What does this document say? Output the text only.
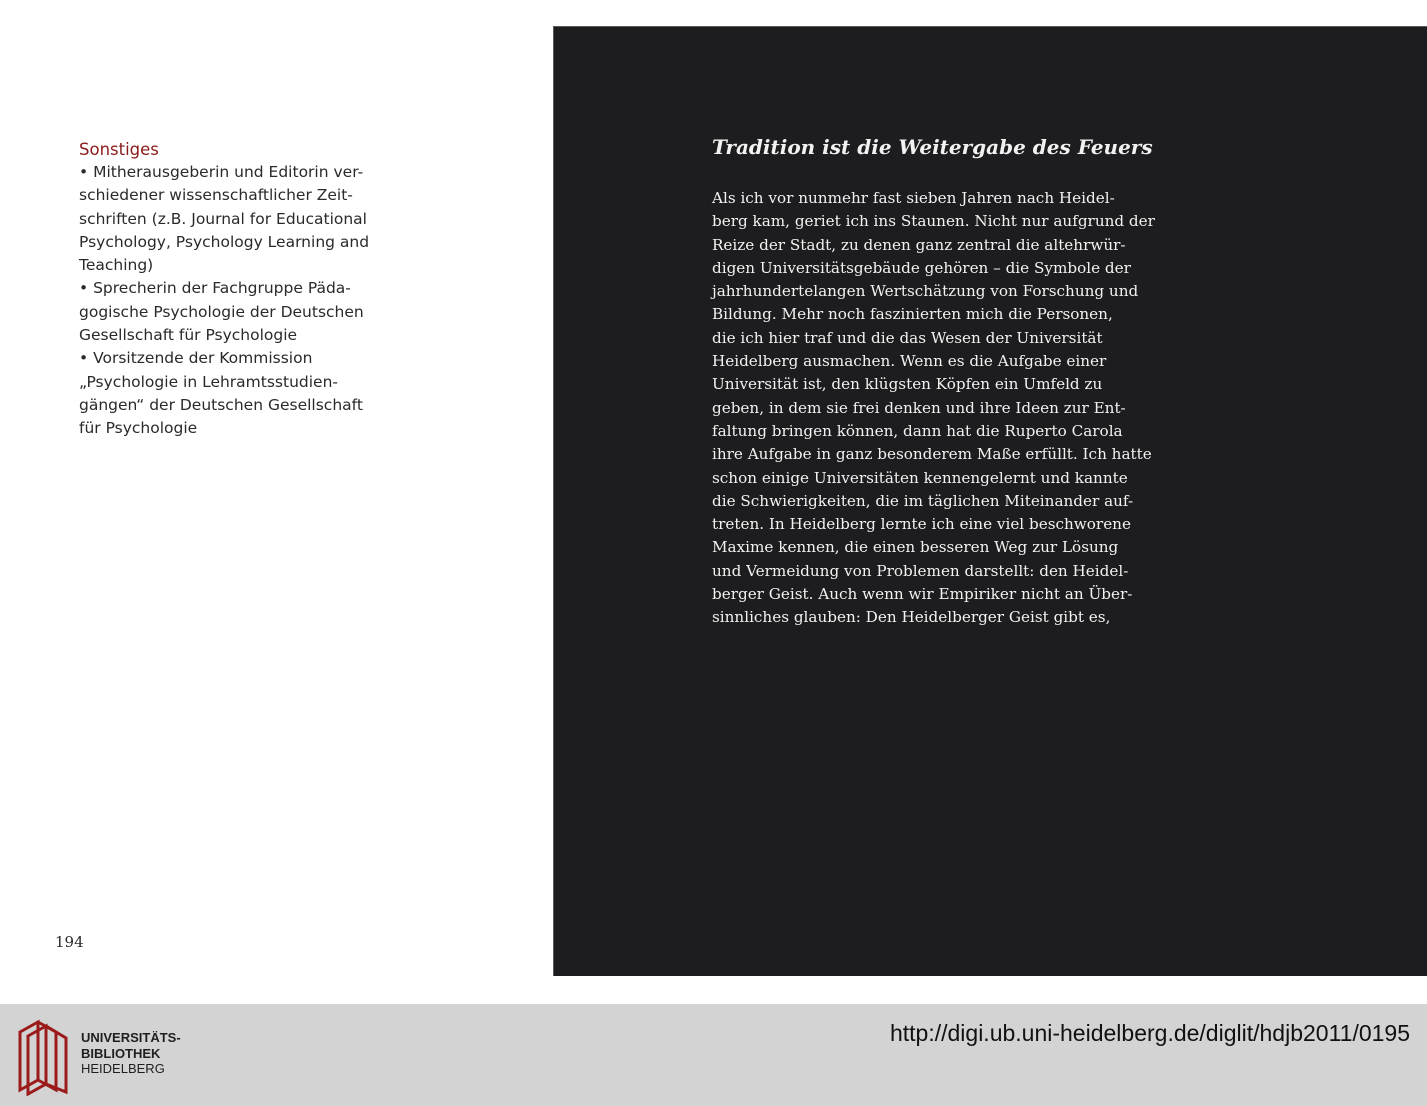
Sonstiges

• Mitherausgeberin und Editorin ver-

schiedener wissenschaftlicher Zeit-

schriften (z.B. Journal for Educational

Psychology, Psychology Learning and

Teaching)

• Sprecherin der Fachgruppe Päda-

gogische Psychologie der Deutschen

Gesellschaft für Psychologie

• Vorsitzende der Kommission

„Psychologie in Lehramtsstudien-

gängen“ der Deutschen Gesellschaft

für Psychologie

194
Tradition ist die Weitergabe des Feuers

Als ich vor nunmehr fast sieben Jahren nach Heidel-

berg kam, geriet ich ins Staunen. Nicht nur aufgrund der

Reize der Stadt, zu denen ganz zentral die altehrwür-

digen Universitätsgebäude gehören – die Symbole der

jahrhundertelangen Wertschätzung von Forschung und

Bildung. Mehr noch faszinierten mich die Personen,

die ich hier traf und die das Wesen der Universität

Heidelberg ausmachen. Wenn es die Aufgabe einer

Universität ist, den klügsten Köpfen ein Umfeld zu

geben, in dem sie frei denken und ihre Ideen zur Ent-

faltung bringen können, dann hat die Ruperto Carola

ihre Aufgabe in ganz besonderem Maße erfüllt. Ich hatte

schon einige Universitäten kennengelernt und kannte

die Schwierigkeiten, die im täglichen Miteinander auf-

treten. In Heidelberg lernte ich eine viel beschworene

Maxime kennen, die einen besseren Weg zur Lösung

und Vermeidung von Problemen darstellt: den Heidel-

berger Geist. Auch wenn wir Empiriker nicht an Über-

sinnliches glauben: Den Heidelberger Geist gibt es,

UNIVERSITÄTS-
BIBLIOTHEK
HEIDELBERG
http://digi.ub.uni-heidelberg.de/diglit/hdjb2011/0195
